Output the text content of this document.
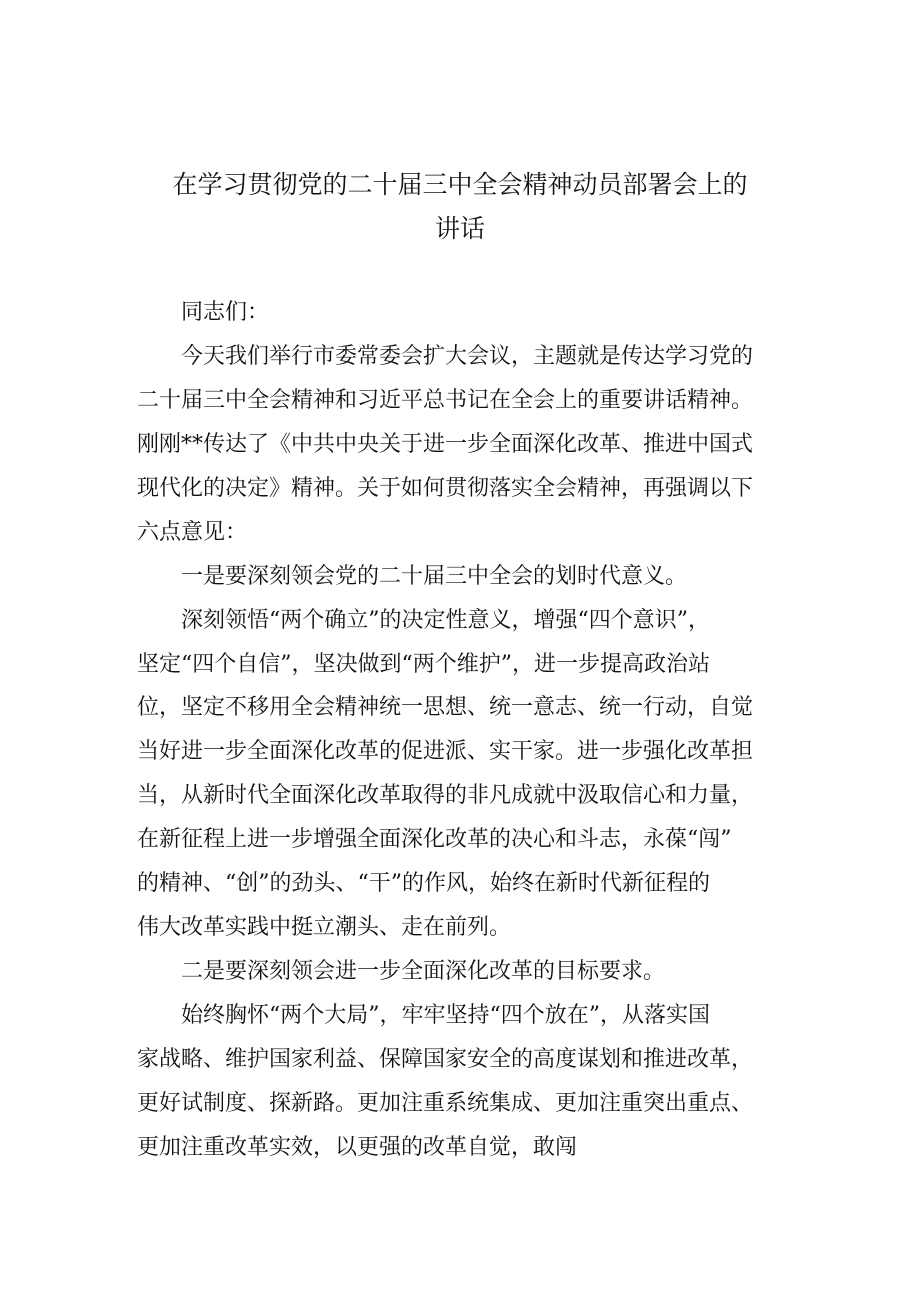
在学习贯彻党的二十届三中全会精神动员部署会上的
讲话
　　同志们：
　　今天我们举行市委常委会扩大会议，主题就是传达学习党的
二十届三中全会精神和习近平总书记在全会上的重要讲话精神。
刚刚**传达了《中共中央关于进一步全面深化改革、推进中国式
现代化的决定》精神。关于如何贯彻落实全会精神，再强调以下
六点意见：
　　一是要深刻领会党的二十届三中全会的划时代意义。
　　深刻领悟“两个确立”的决定性意义，增强“四个意识”，
坚定“四个自信”，坚决做到“两个维护”，进一步提高政治站
位，坚定不移用全会精神统一思想、统一意志、统一行动，自觉
当好进一步全面深化改革的促进派、实干家。进一步强化改革担
当，从新时代全面深化改革取得的非凡成就中汲取信心和力量，
在新征程上进一步增强全面深化改革的决心和斗志，永葆“闯”
的精神、“创”的劲头、“干”的作风，始终在新时代新征程的
伟大改革实践中挺立潮头、走在前列。
　　二是要深刻领会进一步全面深化改革的目标要求。
　　始终胸怀“两个大局”，牢牢坚持“四个放在”，从落实国
家战略、维护国家利益、保障国家安全的高度谋划和推进改革，
更好试制度、探新路。更加注重系统集成、更加注重突出重点、
更加注重改革实效，以更强的改革自觉，敢闯
